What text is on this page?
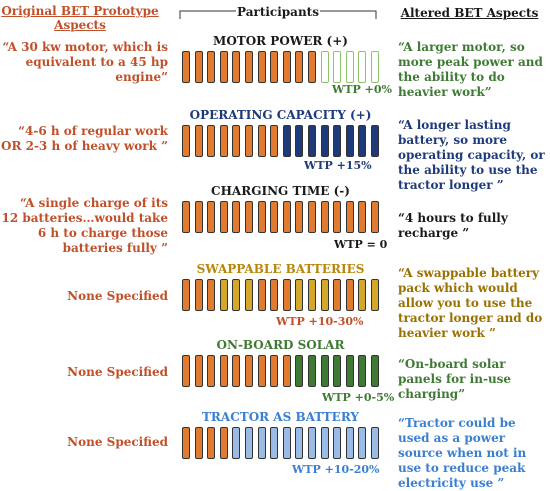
Original BET Prototype Aspects
Participants	Altered BET Aspects
MOTOR POWER (+)
“A 30 kw motor, which is equivalent to a 45 hp engine”
“A larger motor, so more peak power and the ability to do heavier work”
WTP +0%
OPERATING CAPACITY (+)
“4-6 h of regular work OR 2-3 h of heavy work ”
“A longer lasting battery, so more operating capacity, or the ability to use the tractor longer ”
WTP +15%
CHARGING TIME (-)
“A single charge of its 12 batteries…would take 6 h to charge those batteries fully ”
“4 hours to fully recharge ”
WTP = 0
SWAPPABLE BATTERIES
None Specified
“A swappable battery pack which would allow you to use the tractor longer and do heavier work ”
WTP +10-30%
ON-BOARD SOLAR
None Specified
“On-board solar panels for in-use charging”
WTP +0-5%
TRACTOR AS BATTERY
None Specified
“Tractor could be used as a power source when not in use to reduce peak electricity use ”
WTP +10-20%
